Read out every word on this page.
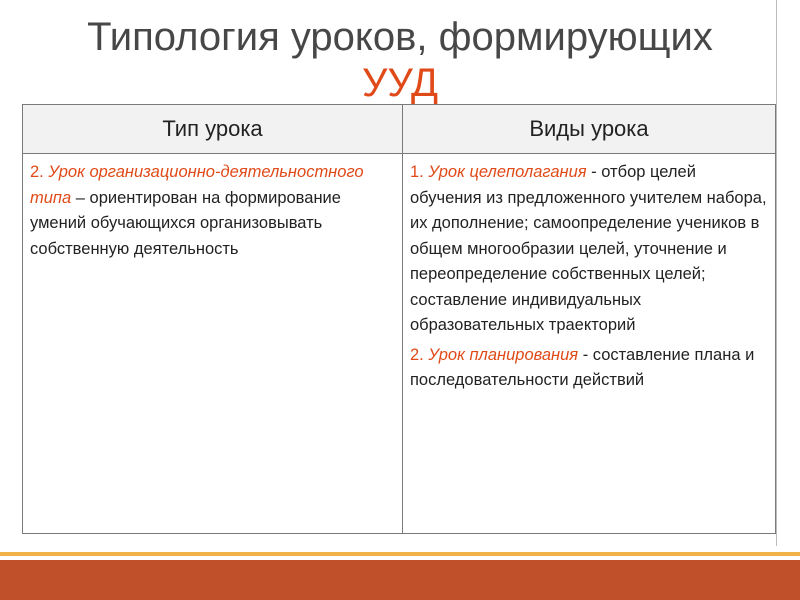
Типология уроков, формирующих
УУД
Тип урока	Виды урока

2. Урок организационно-деятельностного типа – ориентирован на формирование умений обучающихся организовывать собственную деятельность

1. Урок целеполагания - отбор целей обучения из предложенного учителем набора, их дополнение; самоопределение учеников в общем многообразии целей, уточнение и переопределение собственных целей; составление индивидуальных образовательных траекторий

2. Урок планирования - составление плана и последовательности действий
